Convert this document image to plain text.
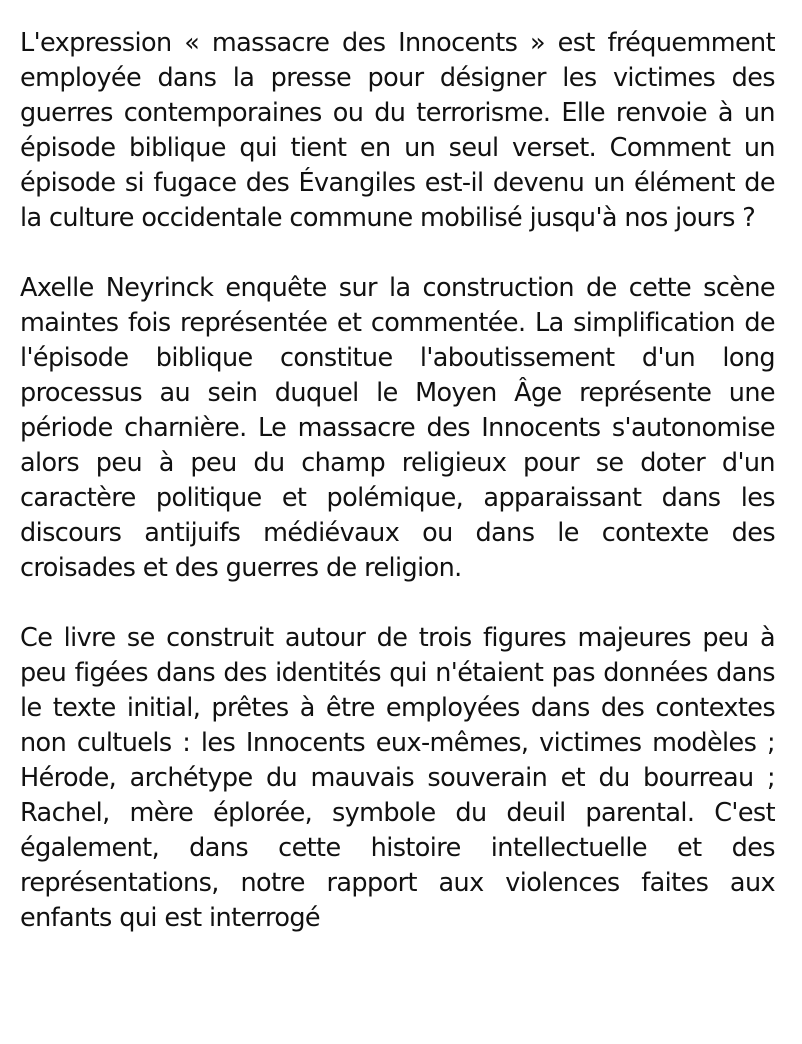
L'expression « massacre des Innocents » est fréquemment employée dans la presse pour désigner les victimes des guerres contemporaines ou du terrorisme. Elle renvoie à un épisode biblique qui tient en un seul verset. Comment un épisode si fugace des Évangiles est-il devenu un élément de la culture occidentale commune mobilisé jusqu'à nos jours ?

Axelle Neyrinck enquête sur la construction de cette scène maintes fois représentée et commentée. La simplification de l'épisode biblique constitue l'aboutissement d'un long processus au sein duquel le Moyen Âge représente une période charnière. Le massacre des Innocents s'autonomise alors peu à peu du champ religieux pour se doter d'un caractère politique et polémique, apparaissant dans les discours antijuifs médiévaux ou dans le contexte des croisades et des guerres de religion.

Ce livre se construit autour de trois figures majeures peu à peu figées dans des identités qui n'étaient pas données dans le texte initial, prêtes à être employées dans des contextes non cultuels : les Innocents eux-mêmes, victimes modèles ; Hérode, archétype du mauvais souverain et du bourreau ; Rachel, mère éplorée, symbole du deuil parental. C'est également, dans cette histoire intellectuelle et des représentations, notre rapport aux violences faites aux enfants qui est interrogé
